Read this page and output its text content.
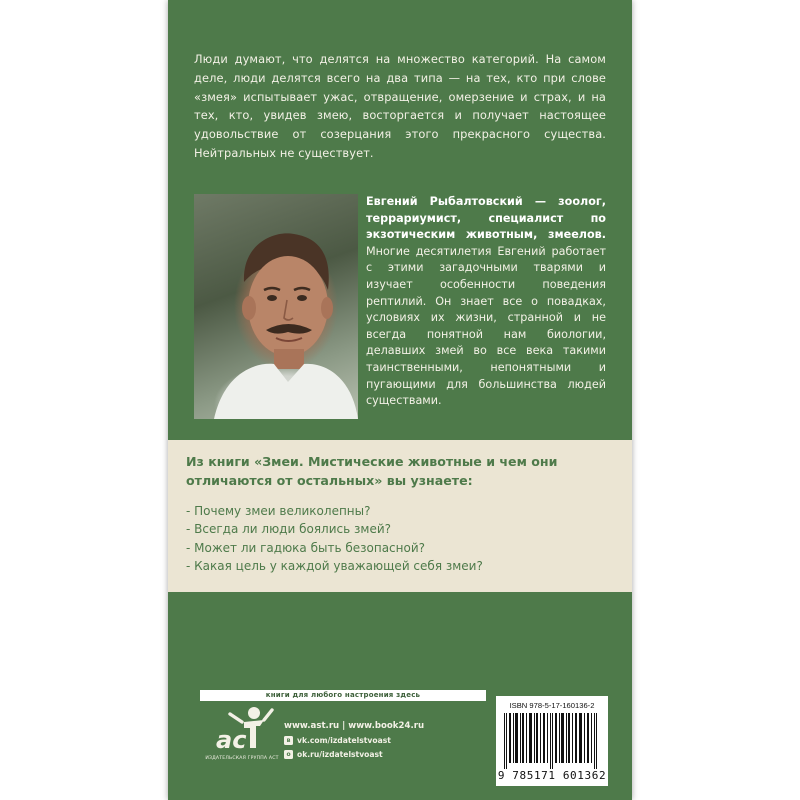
Люди думают, что делятся на множество категорий. На самом деле, люди делятся всего на два типа — на тех, кто при слове «змея» испытывает ужас, отвращение, омерзение и страх, и на тех, кто, увидев змею, восторгается и получает настоящее удовольствие от созерцания этого прекрасного существа. Нейтральных не существует.

Евгений Рыбалтовский — зоолог, террариумист, специалист по экзотическим животным, змеелов. Многие десятилетия Евгений работает с этими загадочными тварями и изучает особенности поведения рептилий. Он знает все о повадках, условиях их жизни, странной и не всегда понятной нам биологии, делавших змей во все века такими таинственными, непонятными и пугающими для большинства людей существами.

Из книги «Змеи. Мистические животные и чем они отличаются от остальных» вы узнаете:
- Почему змеи великолепны?
- Всегда ли люди боялись змей?
- Может ли гадюка быть безопасной?
- Какая цель у каждой уважающей себя змеи?
книги для любого настроения здесь
ac
ИЗДАТЕЛЬСКАЯ ГРУППА АСТ
www.ast.ru | www.book24.ru
в vk.com/izdatelstvoast
о ok.ru/izdatelstvoast
ISBN 978-5-17-160136-2
9 785171 601362
